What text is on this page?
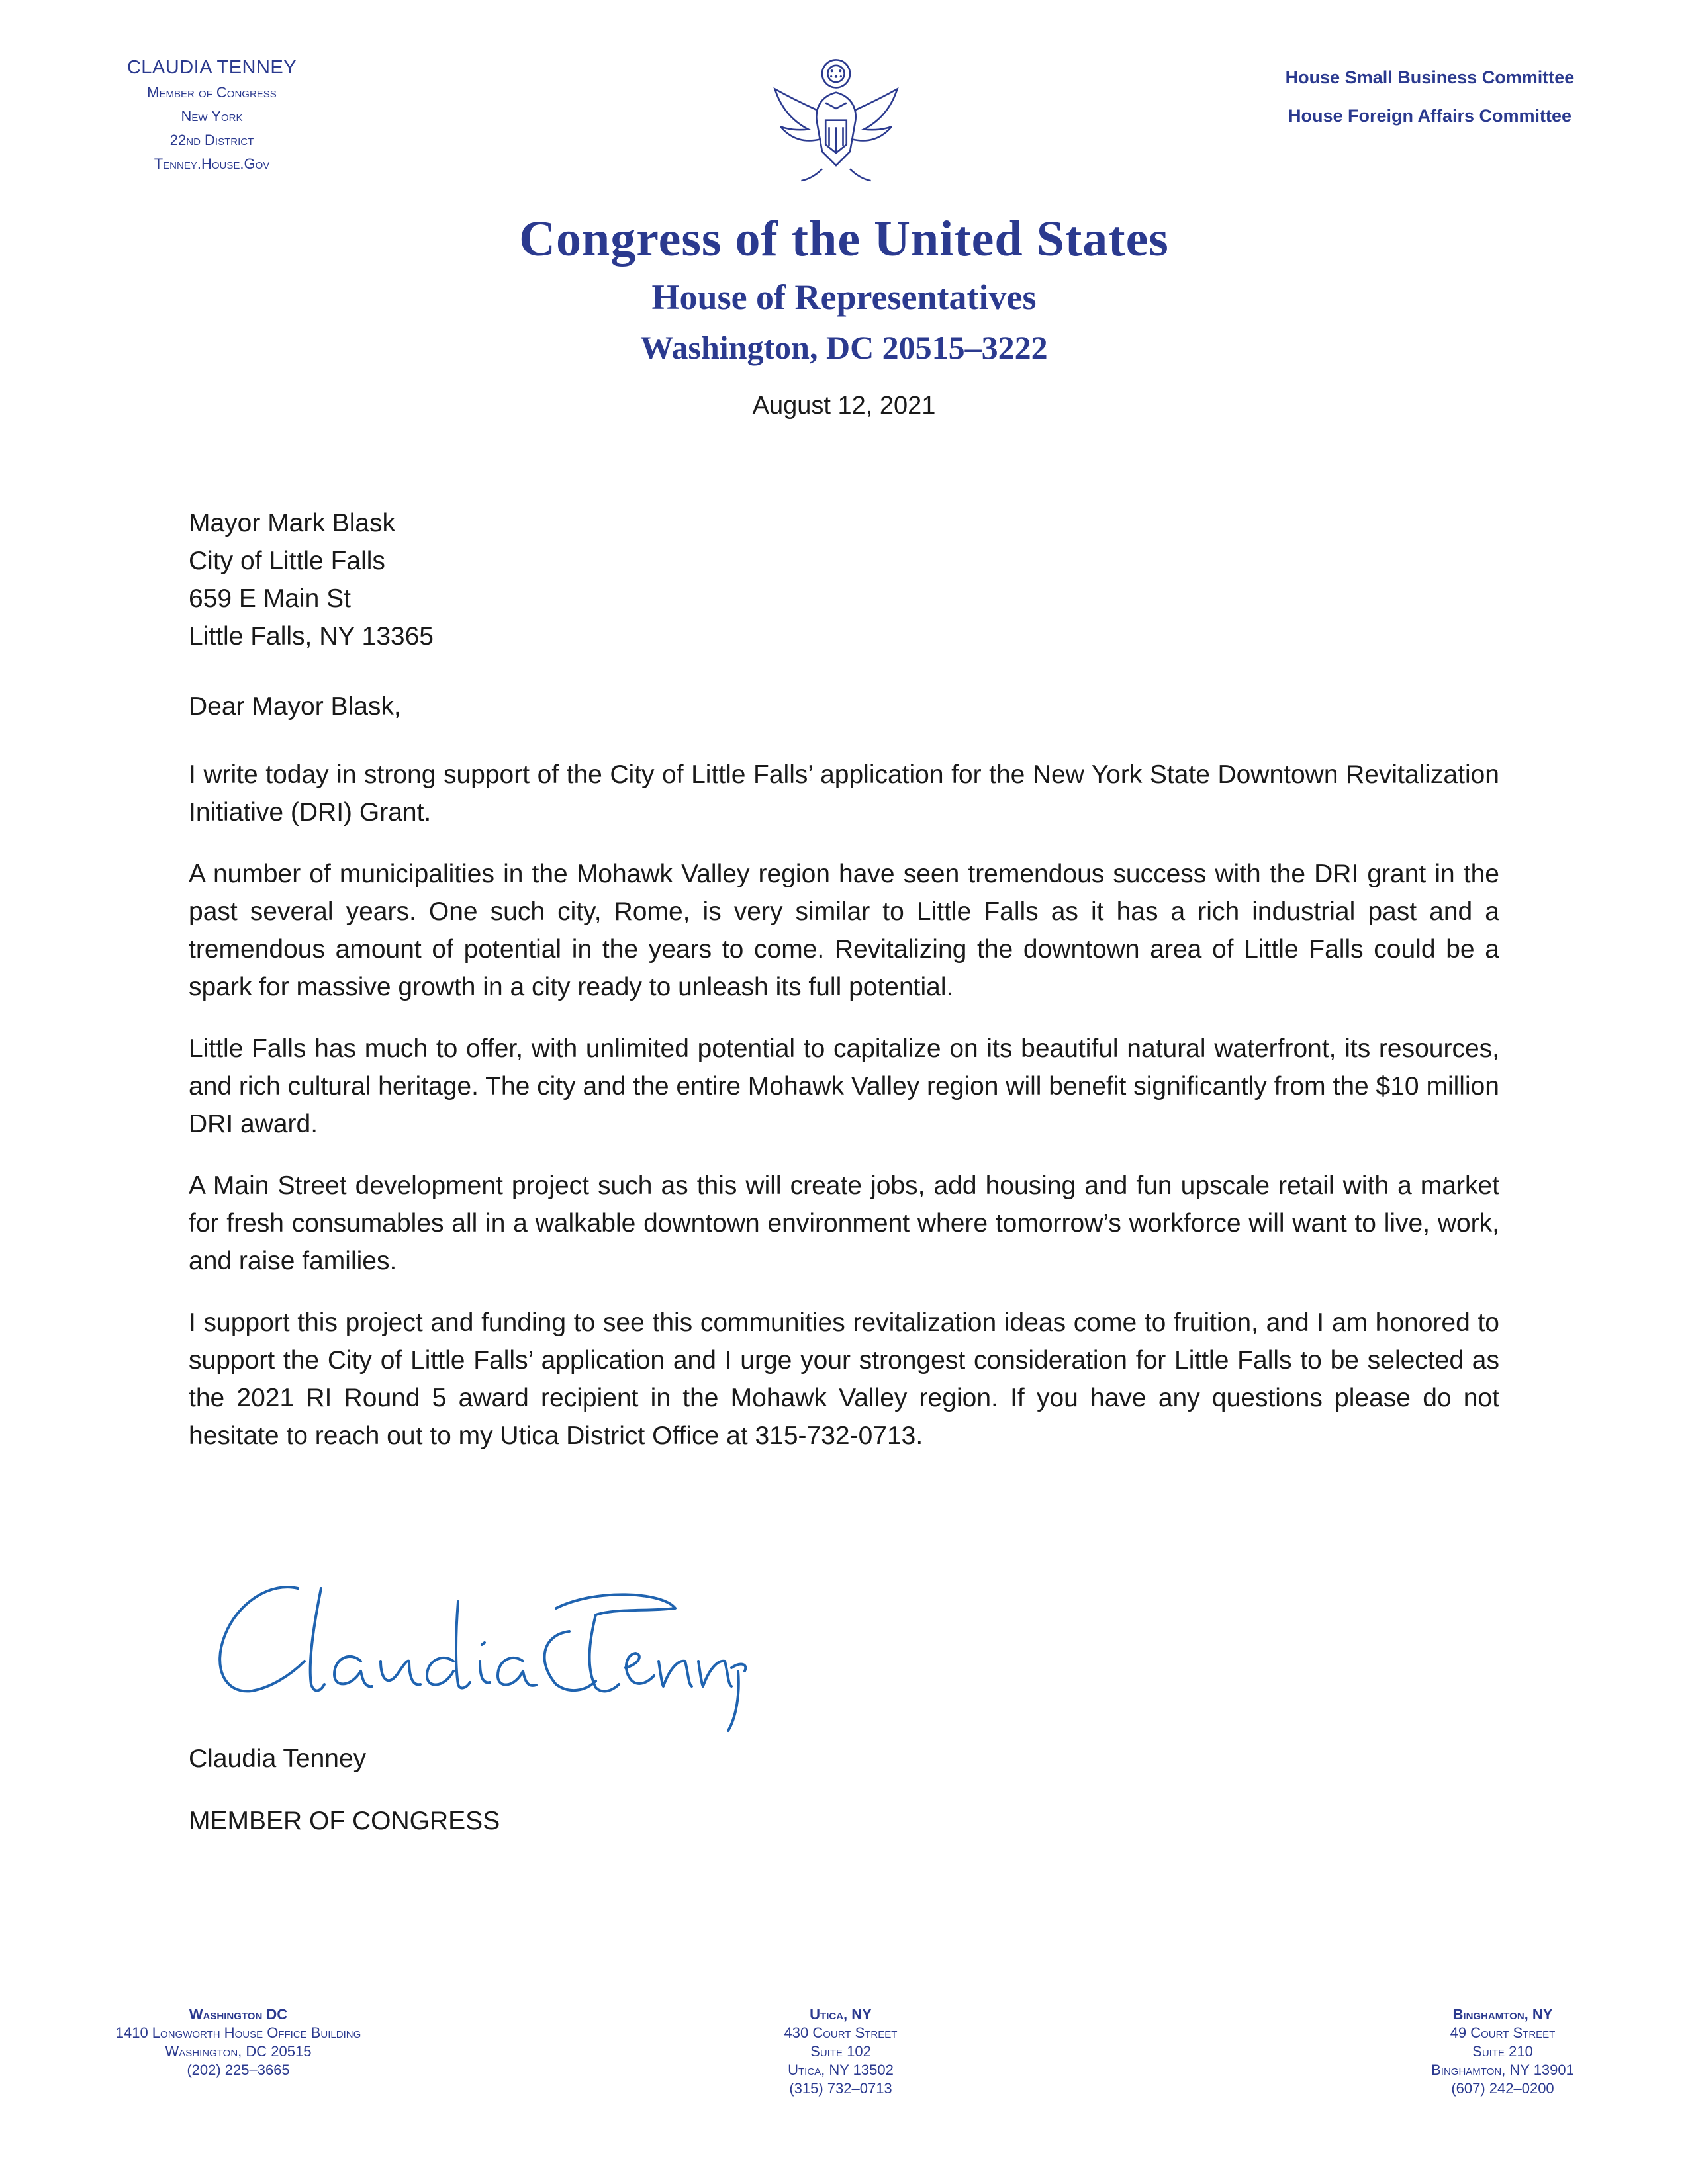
CLAUDIA TENNEY
Member of Congress
New York
22nd District
Tenney.House.Gov
House Small Business Committee
House Foreign Affairs Committee
Congress of the United States
House of Representatives
Washington, DC 20515–3222
August 12, 2021
Mayor Mark Blask
City of Little Falls
659 E Main St
Little Falls, NY 13365
Dear Mayor Blask,

I write today in strong support of the City of Little Falls’ application for the New York State Downtown Revitalization Initiative (DRI) Grant.

A number of municipalities in the Mohawk Valley region have seen tremendous success with the DRI grant in the past several years. One such city, Rome, is very similar to Little Falls as it has a rich industrial past and a tremendous amount of potential in the years to come. Revitalizing the downtown area of Little Falls could be a spark for massive growth in a city ready to unleash its full potential.

Little Falls has much to offer, with unlimited potential to capitalize on its beautiful natural waterfront, its resources, and rich cultural heritage. The city and the entire Mohawk Valley region will benefit significantly from the $10 million DRI award.

A Main Street development project such as this will create jobs, add housing and fun upscale retail with a market for fresh consumables all in a walkable downtown environment where tomorrow’s workforce will want to live, work, and raise families.

I support this project and funding to see this communities revitalization ideas come to fruition, and I am honored to support the City of Little Falls’ application and I urge your strongest consideration for Little Falls to be selected as the 2021 RI Round 5 award recipient in the Mohawk Valley region. If you have any questions please do not hesitate to reach out to my Utica District Office at 315-732-0713.

Claudia Tenney
MEMBER OF CONGRESS
Washington DC
1410 Longworth House Office Building
Washington, DC 20515
(202) 225–3665
Utica, NY
430 Court Street
Suite 102
Utica, NY 13502
(315) 732–0713
Binghamton, NY
49 Court Street
Suite 210
Binghamton, NY 13901
(607) 242–0200
